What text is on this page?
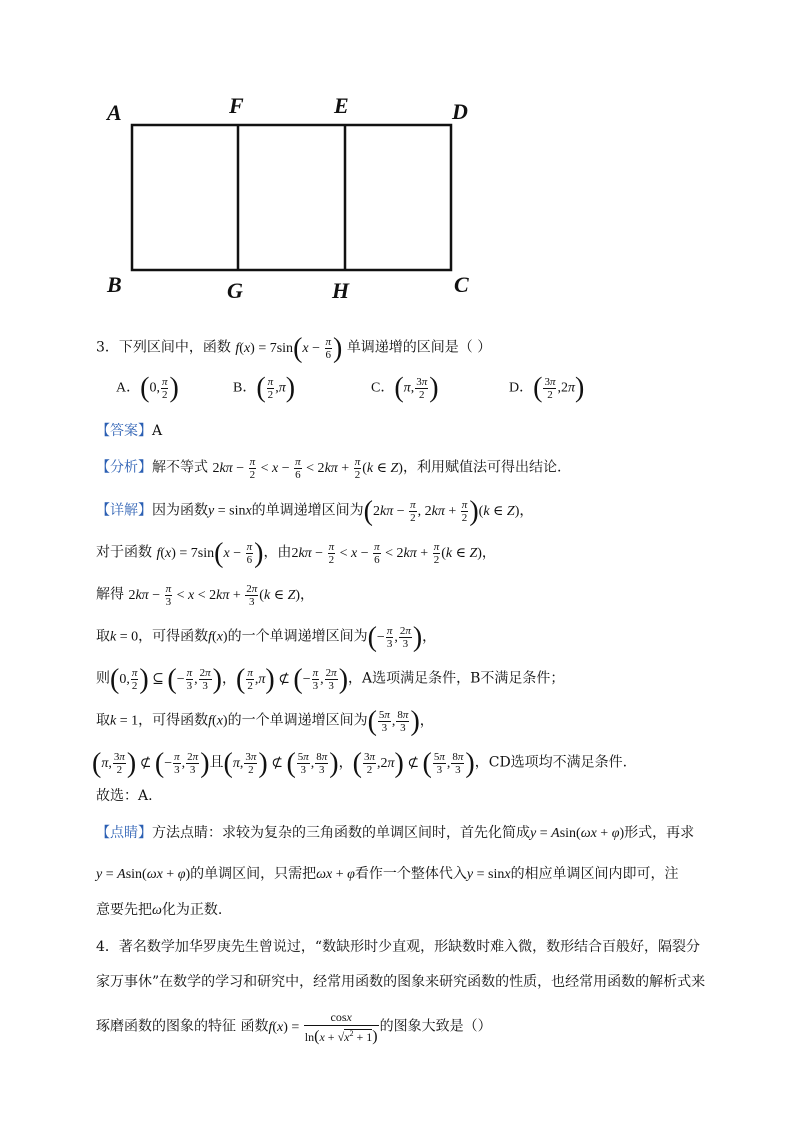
A	F	E	D
B	G	H	C
3．下列区间中，函数 $f(x) = 7\sin(x - \frac{\pi}{6}$ ) 单调递增的区间是（ ）
A．(0, $\frac{\pi}{2}$ )	B．( $\frac{\pi}{2} ,\pi$)	C．(π, $\frac{3\pi}{2}$ )	D．( $\frac{3\pi}{2} ,2\pi$)
【答案】A
【分析】解不等式 $2k\pi - \frac{\pi}{2} < x - \frac{\pi}{6} < 2k\pi + \frac{\pi}{2} (k$ ∈ Z)，利用赋值法可得出结论.
【详解】因为函数y = sinx的单调递增区间为($2k\pi - \frac{\pi}{2}$ , $2k\pi + \frac{\pi}{2} )(k$ ∈ Z)，
对于函数 $f(x) = 7\sin(x - \frac{\pi}{6}$ )，由$2k\pi - \frac{\pi}{2} < x - \frac{\pi}{6} < 2k\pi + \frac{\pi}{2} (k$ ∈ Z)，
解得 $2k\pi - \frac{\pi}{3} < x < 2k\pi + \frac{2\pi}{3} (k$ ∈ Z)，
取k = 0，可得函数f(x)的一个单调递增区间为(− $\frac{\pi}{3}$ , $\frac{2\pi}{3}$ )，
则(0, $\frac{\pi}{2}$ ) ⊆ (− $\frac{\pi}{3}$ , $\frac{2\pi}{3}$ )，( $\frac{\pi}{2} ,\pi$) ⊄ (− $\frac{\pi}{3}$ , $\frac{2\pi}{3}$ )，A选项满足条件，B不满足条件；
取k = 1，可得函数f(x)的一个单调递增区间为( $\frac{5\pi}{3}$ , $\frac{8\pi}{3}$ )，
(π, $\frac{3\pi}{2}$ ) ⊄ (− $\frac{\pi}{3}$ , $\frac{2\pi}{3}$ )且(π, $\frac{3\pi}{2}$ ) ⊄ ( $\frac{5\pi}{3}$ , $\frac{8\pi}{3}$ )，( $\frac{3\pi}{2} ,2\pi$) ⊄ ( $\frac{5\pi}{3}$ , $\frac{8\pi}{3}$ )，CD选项均不满足条件.
故选：A.
【点睛】方法点睛：求较为复杂的三角函数的单调区间时，首先化简成y = Asin(ωx + φ)形式，再求
y = Asin(ωx + φ)的单调区间，只需把ωx + φ看作一个整体代入y = sinx的相应单调区间内即可，注
意要先把ω化为正数.
4．著名数学加华罗庚先生曾说过，“数缺形时少直观，形缺数时难入微，数形结合百般好，隔裂分
家万事休”在数学的学习和研究中，经常用函数的图象来研究函数的性质，也经常用函数的解析式来
琢磨函数的图象的特征 函数$f(x) = \frac{\cos x}{\ln(x + √x^2 + 1)}$ 的图象大致是（）
